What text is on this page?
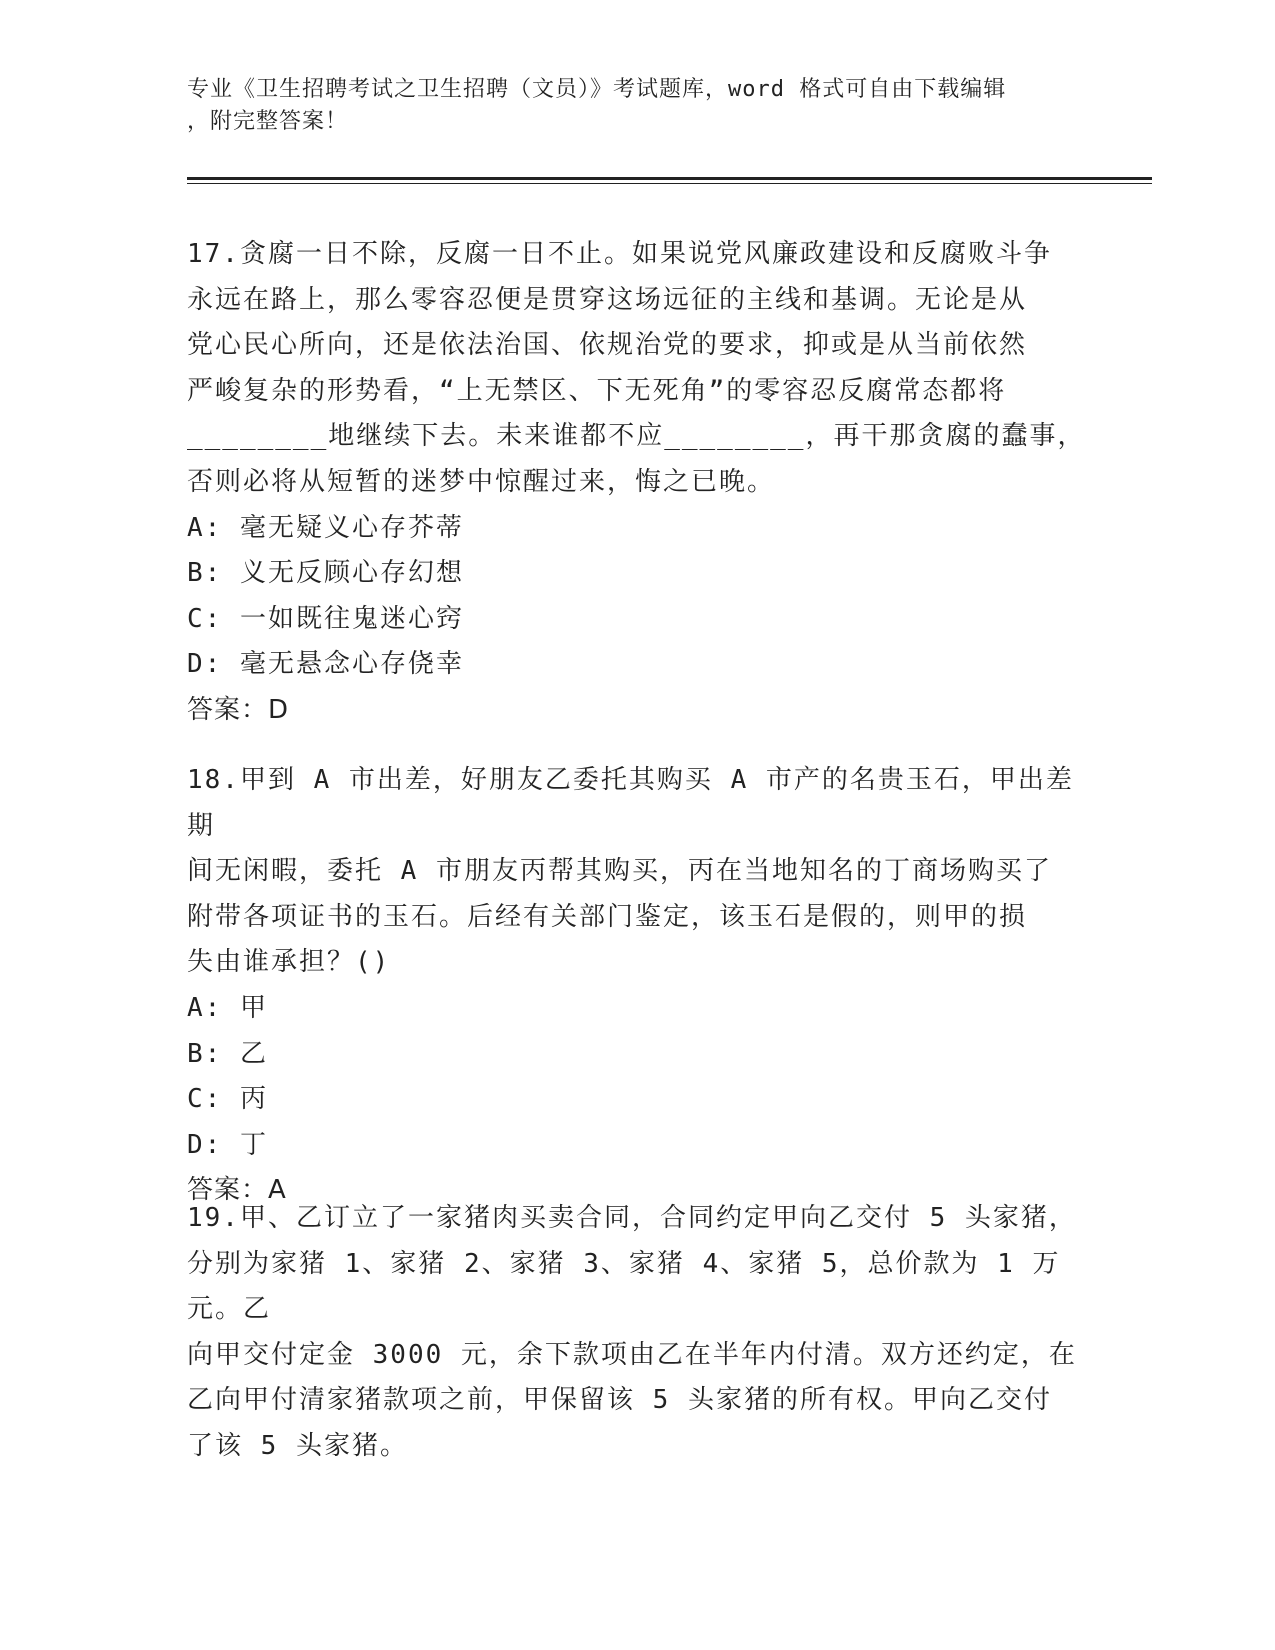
专业《卫生招聘考试之卫生招聘（文员）》考试题库，word 格式可自由下载编辑

，附完整答案！

17.贪腐一日不除，反腐一日不止。如果说党风廉政建设和反腐败斗争

永远在路上，那么零容忍便是贯穿这场远征的主线和基调。无论是从

党心民心所向，还是依法治国、依规治党的要求，抑或是从当前依然

严峻复杂的形势看，“上无禁区、下无死角”的零容忍反腐常态都将

________地继续下去。未来谁都不应________，再干那贪腐的蠢事，

否则必将从短暂的迷梦中惊醒过来，悔之已晚。

A: 毫无疑义心存芥蒂
B: 义无反顾心存幻想
C: 一如既往鬼迷心窍
D: 毫无悬念心存侥幸
答案：D

18.甲到 A 市出差，好朋友乙委托其购买 A 市产的名贵玉石，甲出差期

间无闲暇，委托 A 市朋友丙帮其购买，丙在当地知名的丁商场购买了

附带各项证书的玉石。后经有关部门鉴定，该玉石是假的，则甲的损

失由谁承担？()

A: 甲
B: 乙
C: 丙
D: 丁
答案：A

19.甲、乙订立了一家猪肉买卖合同，合同约定甲向乙交付 5 头家猪，

分别为家猪 1、家猪 2、家猪 3、家猪 4、家猪 5，总价款为 1 万元。乙

向甲交付定金 3000 元，余下款项由乙在半年内付清。双方还约定，在

乙向甲付清家猪款项之前，甲保留该 5 头家猪的所有权。甲向乙交付

了该 5 头家猪。
